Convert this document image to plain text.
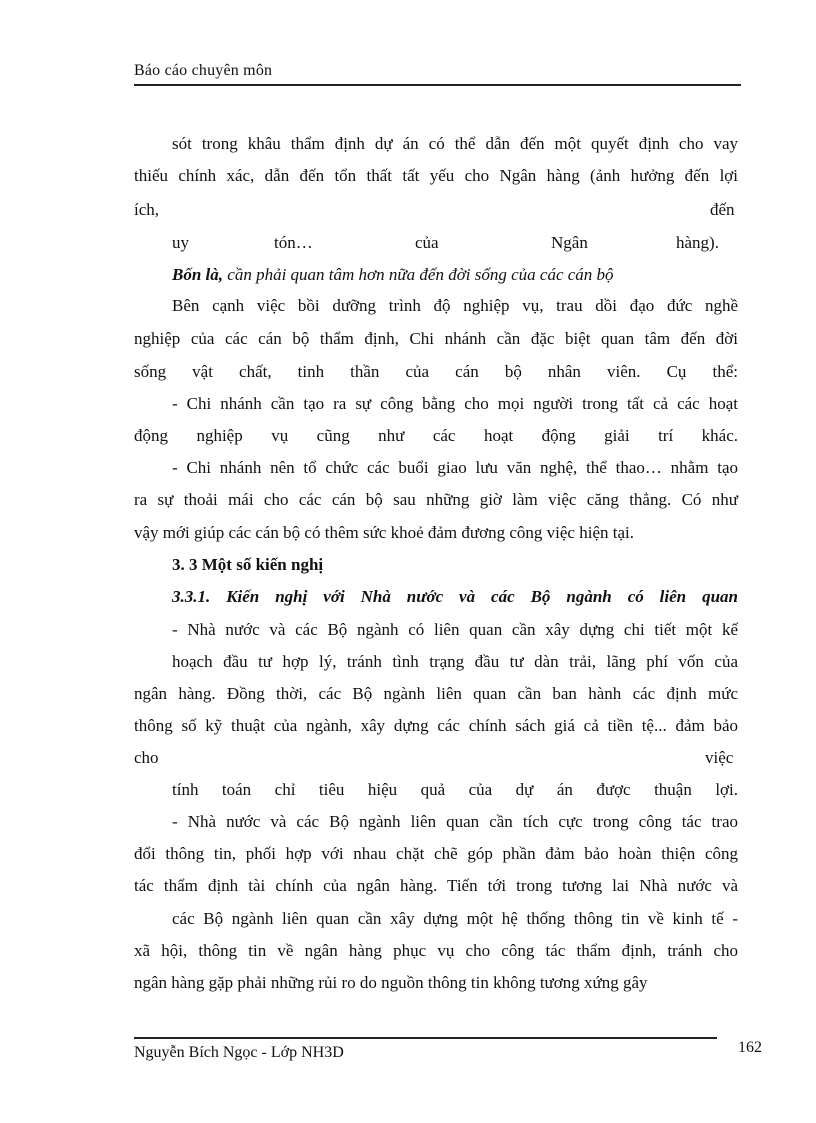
Báo cáo chuyên môn
sót trong khâu thẩm định dự án có thể dẫn đến một quyết định cho vay
thiếu chính xác, dẫn đến tổn thất tất yếu cho Ngân hàng (ảnh hưởng đến lợi
ích,	đến
uy	tón…	của	Ngân	hàng).
Bốn là, cần phải quan tâm hơn nữa đến đời sống của các cán bộ
Bên cạnh việc bồi dưỡng trình độ nghiệp vụ, trau dồi đạo đức nghề
nghiệp của các cán bộ thẩm định, Chi nhánh cần đặc biệt quan tâm đến đời
sống vật chất, tinh thần của cán bộ nhân viên. Cụ thể:
- Chi nhánh cần tạo ra sự công bằng cho mọi người trong tất cả các hoạt
động nghiệp vụ cũng như các hoạt động giải trí khác.
- Chi nhánh nên tổ chức các buổi giao lưu văn nghệ, thể thao… nhằm tạo
ra sự thoải mái cho các cán bộ sau những giờ làm việc căng thẳng. Có như
vậy mới giúp các cán bộ có thêm sức khoẻ đảm đương công việc hiện tại.
3. 3 Một số kiến nghị
3.3.1. Kiến nghị với Nhà nước và các Bộ ngành có liên quan
- Nhà nước và các Bộ ngành có liên quan cần xây dựng chi tiết một kế
hoạch đầu tư hợp lý, tránh tình trạng đầu tư dàn trải, lãng phí vốn của
ngân hàng. Đồng thời, các Bộ ngành liên quan cần ban hành các định mức
thông số kỹ thuật của ngành, xây dựng các chính sách giá cả tiền tệ... đảm bảo
cho	việc
tính toán chỉ tiêu hiệu quả của dự án được thuận lợi.
- Nhà nước và các Bộ ngành liên quan cần tích cực trong công tác trao
đổi thông tin, phối hợp với nhau chặt chẽ góp phần đảm bảo hoàn thiện công
tác thẩm định tài chính của ngân hàng. Tiến tới trong tương lai Nhà nước và
các Bộ ngành liên quan cần xây dựng một hệ thống thông tin về kinh tế -
xã hội, thông tin về ngân hàng phục vụ cho công tác thẩm định, tránh cho
ngân hàng gặp phải những rủi ro do nguồn thông tin không tương xứng gây
Nguyễn Bích Ngọc - Lớp NH3D	162
